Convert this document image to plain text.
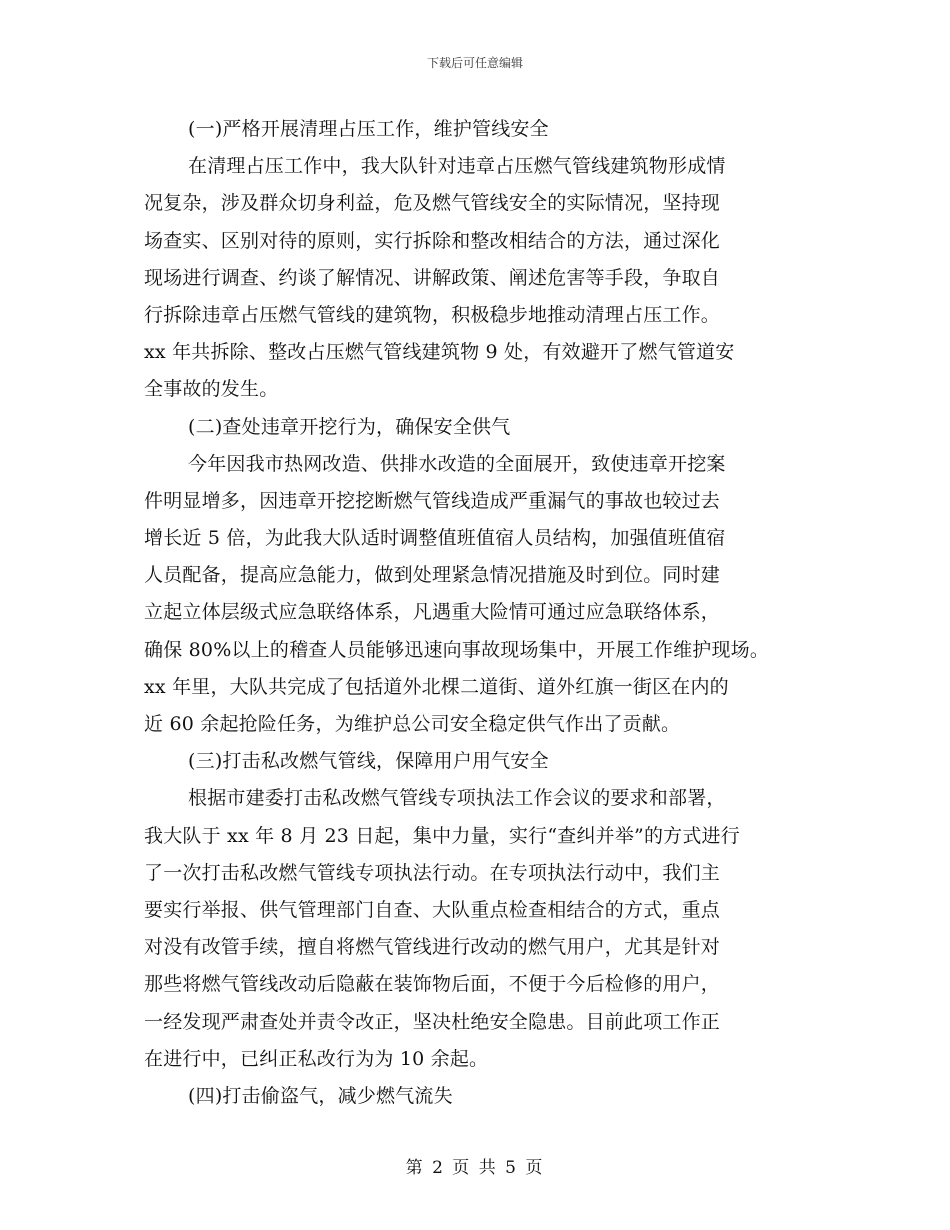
下载后可任意编辑
(一)严格开展清理占压工作，维护管线安全
在清理占压工作中，我大队针对违章占压燃气管线建筑物形成情
况复杂，涉及群众切身利益，危及燃气管线安全的实际情况，坚持现
场查实、区别对待的原则，实行拆除和整改相结合的方法，通过深化
现场进行调查、约谈了解情况、讲解政策、阐述危害等手段，争取自
行拆除违章占压燃气管线的建筑物，积极稳步地推动清理占压工作。
xx 年共拆除、整改占压燃气管线建筑物 9 处，有效避开了燃气管道安
全事故的发生。
(二)查处违章开挖行为，确保安全供气
今年因我市热网改造、供排水改造的全面展开，致使违章开挖案
件明显增多，因违章开挖挖断燃气管线造成严重漏气的事故也较过去
增长近 5 倍，为此我大队适时调整值班值宿人员结构，加强值班值宿
人员配备，提高应急能力，做到处理紧急情况措施及时到位。同时建
立起立体层级式应急联络体系，凡遇重大险情可通过应急联络体系，
确保 80%以上的稽查人员能够迅速向事故现场集中，开展工作维护现场。
xx 年里，大队共完成了包括道外北棵二道街、道外红旗一街区在内的
近 60 余起抢险任务，为维护总公司安全稳定供气作出了贡献。
(三)打击私改燃气管线，保障用户用气安全
根据市建委打击私改燃气管线专项执法工作会议的要求和部署，
我大队于 xx 年 8 月 23 日起，集中力量，实行“查纠并举”的方式进行
了一次打击私改燃气管线专项执法行动。在专项执法行动中，我们主
要实行举报、供气管理部门自查、大队重点检查相结合的方式，重点
对没有改管手续，擅自将燃气管线进行改动的燃气用户，尤其是针对
那些将燃气管线改动后隐蔽在装饰物后面，不便于今后检修的用户，
一经发现严肃查处并责令改正，坚决杜绝安全隐患。目前此项工作正
在进行中，已纠正私改行为为 10 余起。
(四)打击偷盗气，减少燃气流失
第 2 页 共 5 页
